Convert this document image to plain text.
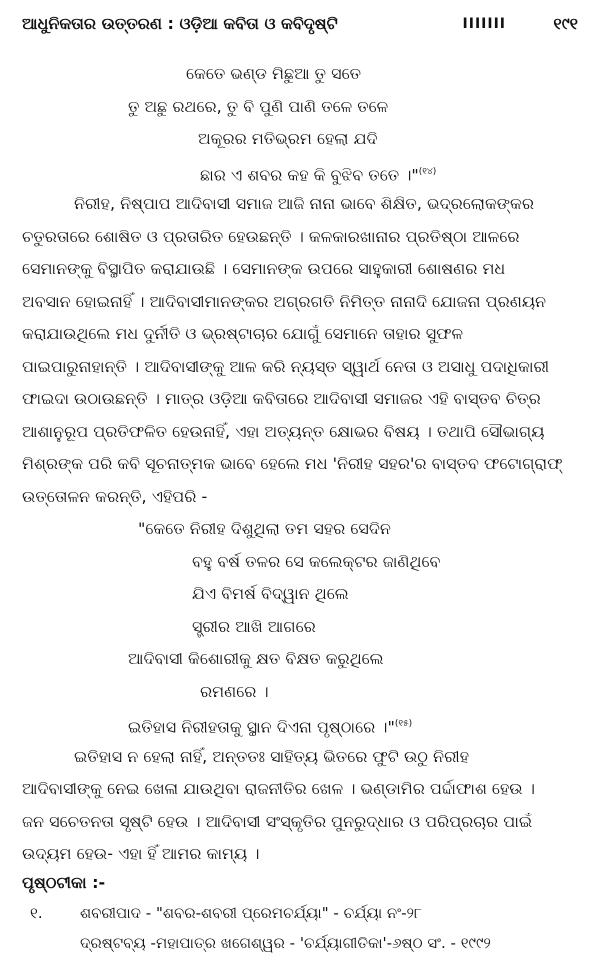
ଆଧୁନିକତାର ଉତ୍ତରଣ : ଓଡ଼ିଆ କବିତା ଓ କବିଦୃଷ୍ଟି	IIIIIII	୧୯୧
କେତେ ଭଣ୍ଡ ମିଛୁଆ ତୁ ସତେ
ତୁ ଅଛୁ ରଥରେ, ତୁ ବି ପୁଣି ପାଣି ତଳେ ତଳେ
ଅକୂରର ମତିଭ୍ରମ ହେଲା ଯଦି
ଛାର ଏ ଶବର କହ କି ବୁଝିବ ତତେ ।"$^{(୧୪)}$
ନିରୀହ, ନିଷ୍ପାପ ଆଦିବାସୀ ସମାଜ ଆଜି ନାନା ଭାବେ ଶିକ୍ଷିତ, ଭଦ୍ରଲୋକଙ୍କର
ଚତୁରତାରେ ଶୋଷିତ ଓ ପ୍ରତାରିତ ହେଉଛନ୍ତି । କଳକାରଖାନାର ପ୍ରତିଷ୍ଠା ଆଳରେ
ସେମାନଙ୍କୁ ବିସ୍ଥାପିତ କରାଯାଉଛି । ସେମାନଙ୍କ ଉପରେ ସାହୁକାରୀ ଶୋଷଣର ମଧ
ଅବସାନ ହୋଇନାହିଁ । ଆଦିବାସୀମାନଙ୍କର ଅଗ୍ରଗତି ନିମିତ୍ତ ନାନାଦି ଯୋଜନା ପ୍ରଣୟନ
କରାଯାଉଥିଲେ ମଧ ଦୁର୍ନୀତି ଓ ଭ୍ରଷ୍ଟାଚାର ଯୋଗୁଁ ସେମାନେ ତାହାର ସୁଫଳ
ପାଇପାରୁନାହାନ୍ତି । ଆଦିବାସୀଙ୍କୁ ଆଳ କରି ନ୍ୟସ୍ତ ସ୍ୱାର୍ଥ ନେତା ଓ ଅସାଧୁ ପଦାଧିକାରୀ
ଫାଇଦା ଉଠାଉଛନ୍ତି । ମାତ୍ର ଓଡ଼ିଆ କବିତାରେ ଆଦିବାସୀ ସମାଜର ଏହି ବାସ୍ତବ ଚିତ୍ର
ଆଶାନୁରୂପ ପ୍ରତିଫଳିତ ହେଉନାହିଁ, ଏହା ଅତ୍ୟନ୍ତ କ୍ଷୋଭର ବିଷୟ । ତଥାପି ସୌଭାଗ୍ୟ
ମିଶ୍ରଙ୍କ ପରି କବି ସୂଚନାତ୍ମକ ଭାବେ ହେଲେ ମଧ 'ନିରୀହ ସହର'ର ବାସ୍ତବ ଫଟୋଗ୍ରାଫ୍
ଉତ୍ତୋଳନ କରନ୍ତି, ଏହିପରି -
"କେତେ ନିରୀହ ଦିଶୁଥିଲା ତମ ସହର ସେଦିନ
ବହୁ ବର୍ଷ ତଳର ସେ କଲେକ୍ଟର ଜାଣିଥିବେ
ଯିଏ ବିମର୍ଷ ବିଦ୍ୱାନ ଥିଲେ
ସ୍ତ୍ରୀର ଆଖି ଆଗରେ
ଆଦିବାସୀ କିଶୋରୀକୁ କ୍ଷତ ବିକ୍ଷତ କରୁଥିଲେ
ରମଣରେ ।
ଇତିହାସ ନିରୀହତାକୁ ସ୍ଥାନ ଦିଏନା ପୃଷ୍ଠାରେ ।"$^{(୧୫)}$
ଇତିହାସ ନ ହେଲା ନାହିଁ, ଅନ୍ତତଃ ସାହିତ୍ୟ ଭିତରେ ଫୁଟି ଉଠୁ ନିରୀହ
ଆଦିବାସୀଙ୍କୁ ନେଇ ଖେଳା ଯାଉଥିବା ରାଜନୀତିର ଖେଳ । ଭଣ୍ଡାମିର ପର୍ଦ୍ଦାଫାଶ ହେଉ ।
ଜନ ସଚେତନତା ସୃଷ୍ଟି ହେଉ । ଆଦିବାସୀ ସଂସ୍କୃତିର ପୁନରୁଦ୍ଧାର ଓ ପରିପ୍ରଚାର ପାଇଁ
ଉଦ୍ୟମ ହେଉ- ଏହା ହିଁ ଆମର କାମ୍ୟ ।
ପୃଷ୍ଠଟୀକା :-
୧. ଶବରୀପାଦ - "ଶବର-ଶବରୀ ପ୍ରେମଚର୍ଯ୍ୟା" - ଚର୍ଯ୍ୟା ନଂ-୨୮
ଦ୍ରଷ୍ଟବ୍ୟ -ମହାପାତ୍ର ଖଗେଶ୍ୱର - 'ଚର୍ଯ୍ୟାଗୀତିକା'-୬ଷ୍ଠ ସଂ. - ୧୯୯୨
